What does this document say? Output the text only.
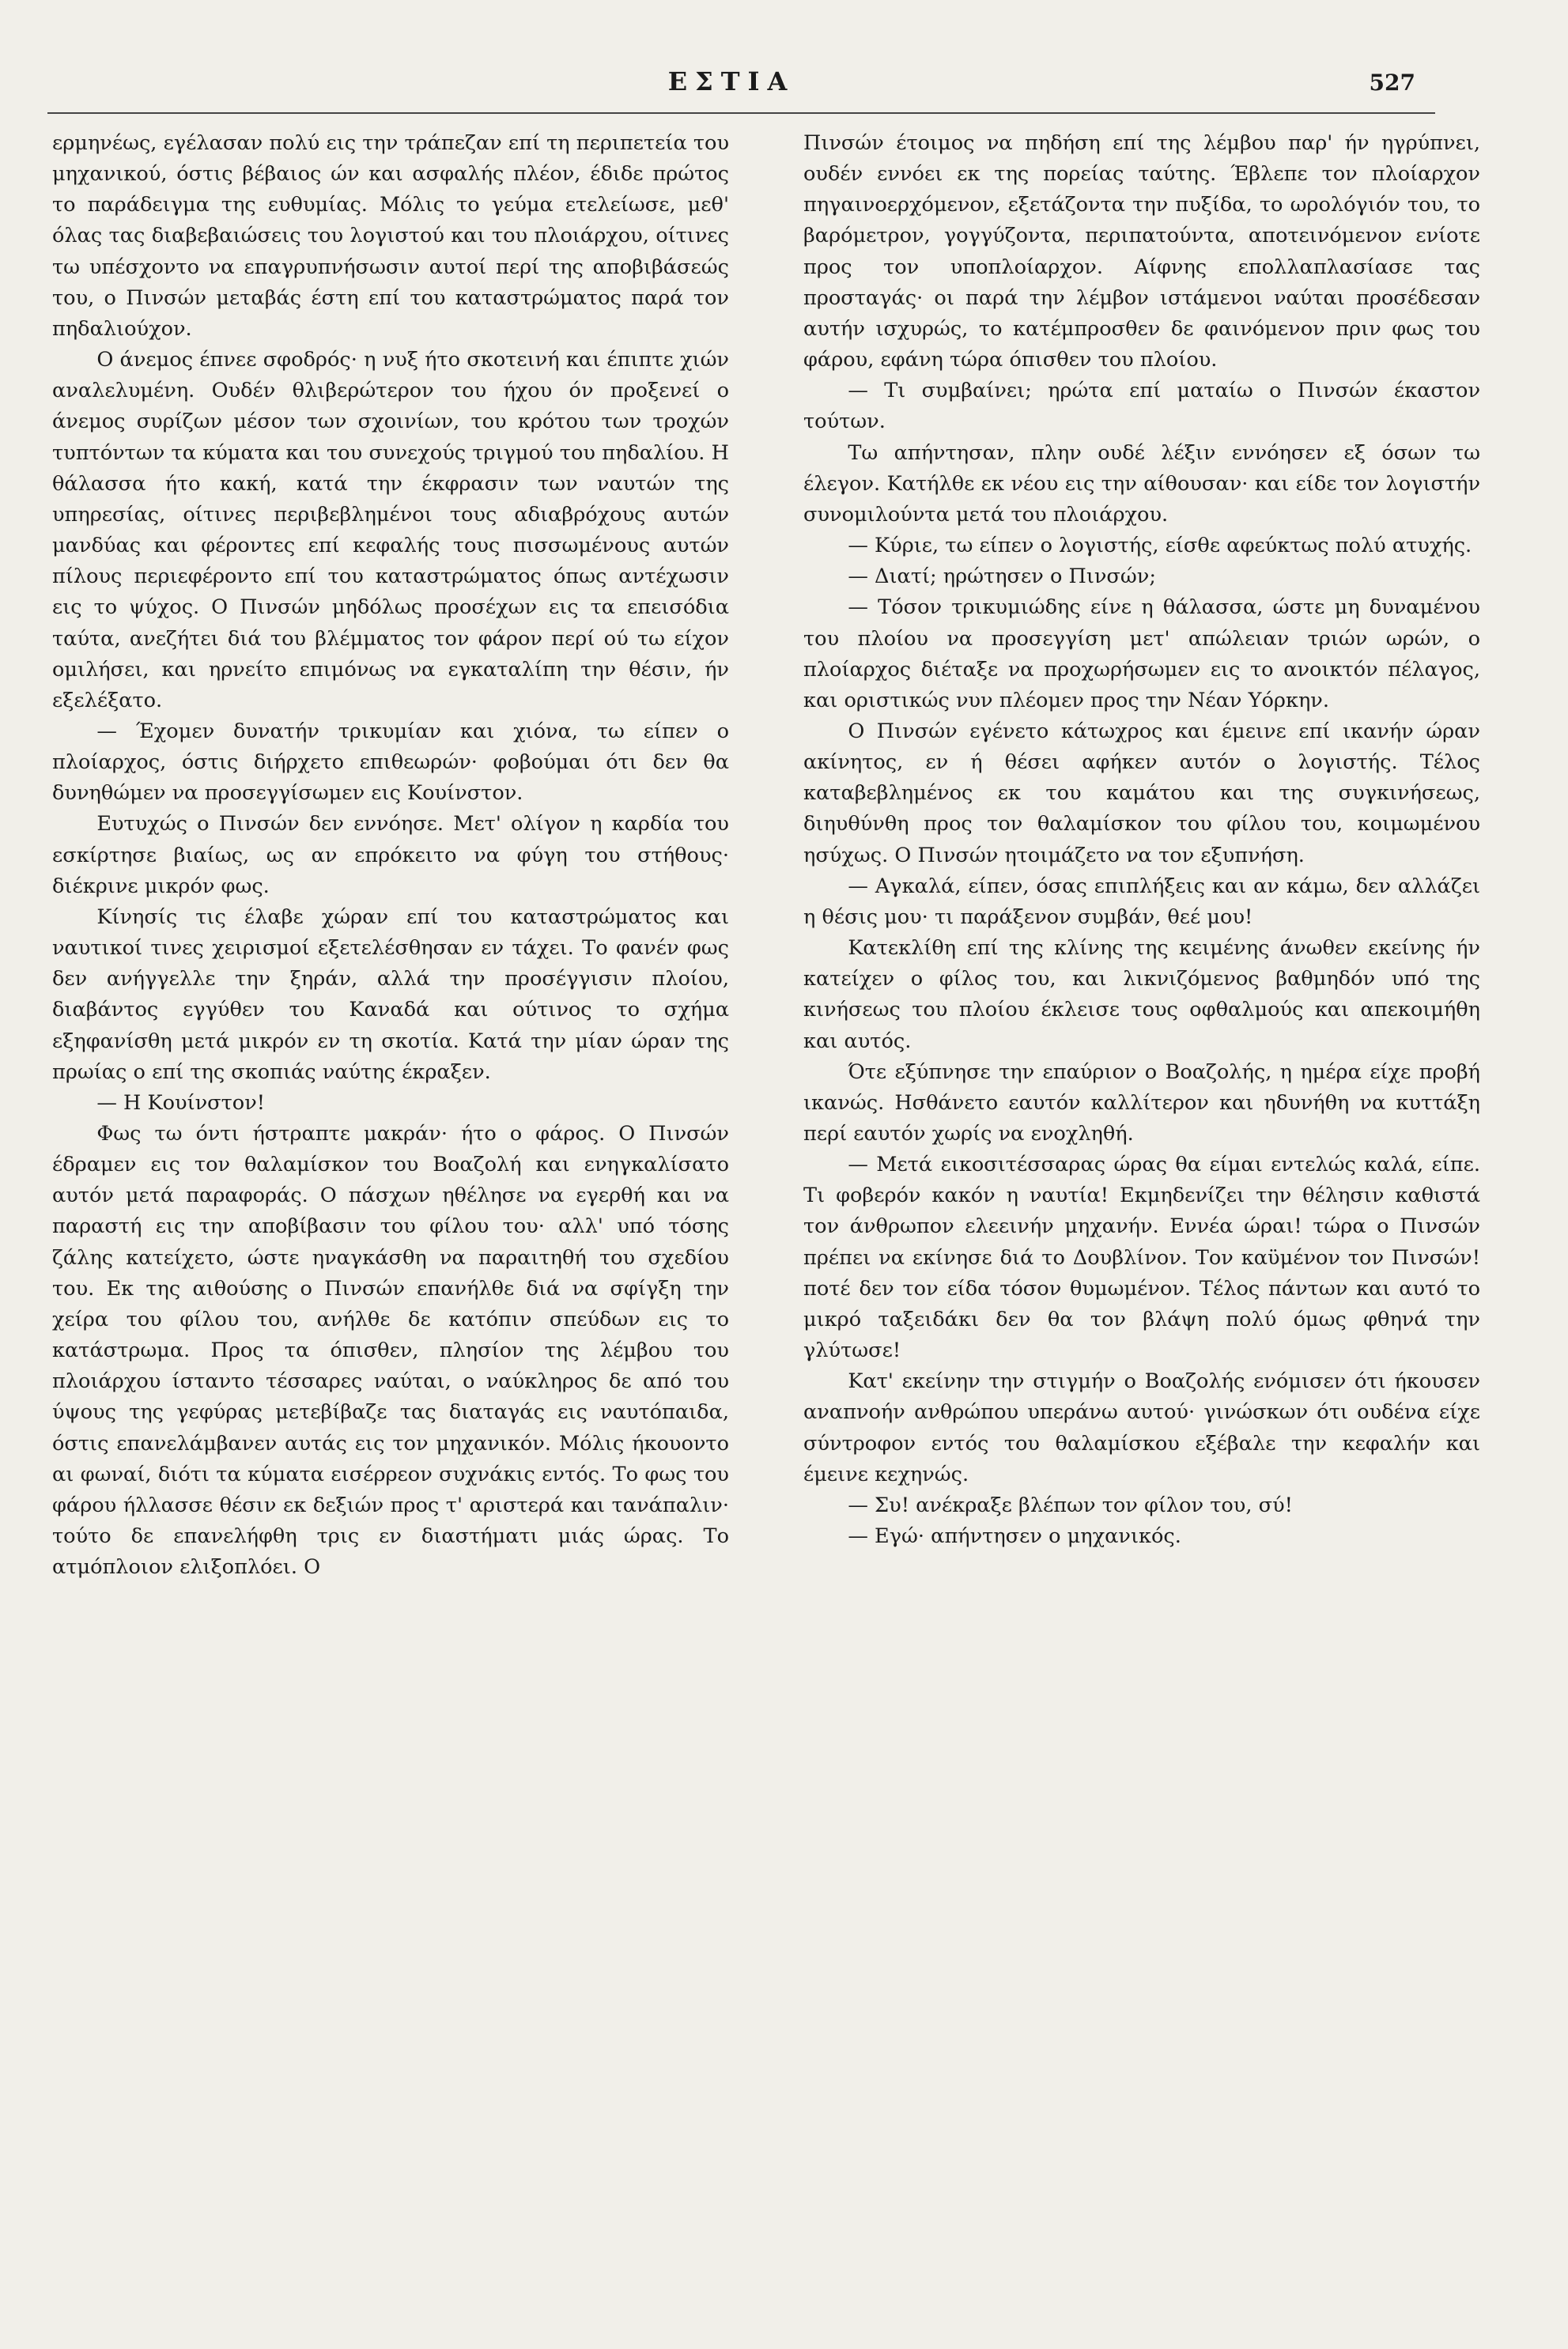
ΕΣΤΙΑ	527

ερμηνέως, εγέλασαν πολύ εις την τράπεζαν επί τη περιπετεία του μηχανικού, όστις βέβαιος ών και ασφαλής πλέον, έδιδε πρώτος το παράδειγμα της ευθυμίας. Μόλις το γεύμα ετελείωσε, μεθ' όλας τας διαβεβαιώσεις του λογιστού και του πλοιάρχου, οίτινες τω υπέσχοντο να επαγρυπνήσωσιν αυτοί περί της αποβιβάσεώς του, ο Πινσών μεταβάς έστη επί του καταστρώματος παρά τον πηδαλιούχον.

Ο άνεμος έπνεε σφοδρός· η νυξ ήτο σκοτεινή και έπιπτε χιών αναλελυμένη. Ουδέν θλιβερώτερον του ήχου όν προξενεί ο άνεμος συρίζων μέσον των σχοινίων, του κρότου των τροχών τυπτόντων τα κύματα και του συνεχούς τριγμού του πηδαλίου. Η θάλασσα ήτο κακή, κατά την έκφρασιν των ναυτών της υπηρεσίας, οίτινες περιβεβλημένοι τους αδιαβρόχους αυτών μανδύας και φέροντες επί κεφαλής τους πισσωμένους αυτών πίλους περιεφέροντο επί του καταστρώματος όπως αντέχωσιν εις το ψύχος. Ο Πινσών μηδόλως προσέχων εις τα επεισόδια ταύτα, ανεζήτει διά του βλέμματος τον φάρον περί ού τω είχον ομιλήσει, και ηρνείτο επιμόνως να εγκαταλίπη την θέσιν, ήν εξελέξατο.

— Έχομεν δυνατήν τρικυμίαν και χιόνα, τω είπεν ο πλοίαρχος, όστις διήρχετο επιθεωρών· φοβούμαι ότι δεν θα δυνηθώμεν να προσεγγίσωμεν εις Κουίνστον.

Ευτυχώς ο Πινσών δεν εννόησε. Μετ' ολίγον η καρδία του εσκίρτησε βιαίως, ως αν επρόκειτο να φύγη του στήθους· διέκρινε μικρόν φως.

Κίνησίς τις έλαβε χώραν επί του καταστρώματος και ναυτικοί τινες χειρισμοί εξετελέσθησαν εν τάχει. Το φανέν φως δεν ανήγγελλε την ξηράν, αλλά την προσέγγισιν πλοίου, διαβάντος εγγύθεν του Καναδά και ούτινος το σχήμα εξηφανίσθη μετά μικρόν εν τη σκοτία. Κατά την μίαν ώραν της πρωίας ο επί της σκοπιάς ναύτης έκραξεν.

— Η Κουίνστον!

Φως τω όντι ήστραπτε μακράν· ήτο ο φάρος. Ο Πινσών έδραμεν εις τον θαλαμίσκον του Βοαζολή και ενηγκαλίσατο αυτόν μετά παραφοράς. Ο πάσχων ηθέλησε να εγερθή και να παραστή εις την αποβίβασιν του φίλου του· αλλ' υπό τόσης ζάλης κατείχετο, ώστε ηναγκάσθη να παραιτηθή του σχεδίου του. Εκ της αιθούσης ο Πινσών επανήλθε διά να σφίγξη την χείρα του φίλου του, ανήλθε δε κατόπιν σπεύδων εις το κατάστρωμα. Προς τα όπισθεν, πλησίον της λέμβου του πλοιάρχου ίσταντο τέσσαρες ναύται, ο ναύκληρος δε από του ύψους της γεφύρας μετεβίβαζε τας διαταγάς εις ναυτόπαιδα, όστις επανελάμβανεν αυτάς εις τον μηχανικόν. Μόλις ήκουοντο αι φωναί, διότι τα κύματα εισέρρεον συχνάκις εντός. Το φως του φάρου ήλλασσε θέσιν εκ δεξιών προς τ' αριστερά και τανάπαλιν· τούτο δε επανελήφθη τρις εν διαστήματι μιάς ώρας. Το ατμόπλοιον ελιξοπλόει. Ο

Πινσών έτοιμος να πηδήση επί της λέμβου παρ' ήν ηγρύπνει, ουδέν εννόει εκ της πορείας ταύτης. Έβλεπε τον πλοίαρχον πηγαινοερχόμενον, εξετάζοντα την πυξίδα, το ωρολόγιόν του, το βαρόμετρον, γογγύζοντα, περιπατούντα, αποτεινόμενον ενίοτε προς τον υποπλοίαρχον. Αίφνης επολλαπλασίασε τας προσταγάς· οι παρά την λέμβον ιστάμενοι ναύται προσέδεσαν αυτήν ισχυρώς, το κατέμπροσθεν δε φαινόμενον πριν φως του φάρου, εφάνη τώρα όπισθεν του πλοίου.

— Τι συμβαίνει; ηρώτα επί ματαίω ο Πινσών έκαστον τούτων.

Τω απήντησαν, πλην ουδέ λέξιν εννόησεν εξ όσων τω έλεγον. Κατήλθε εκ νέου εις την αίθουσαν· και είδε τον λογιστήν συνομιλούντα μετά του πλοιάρχου.

— Κύριε, τω είπεν ο λογιστής, είσθε αφεύκτως πολύ ατυχής.

— Διατί; ηρώτησεν ο Πινσών;

— Τόσον τρικυμιώδης είνε η θάλασσα, ώστε μη δυναμένου του πλοίου να προσεγγίση μετ' απώλειαν τριών ωρών, ο πλοίαρχος διέταξε να προχωρήσωμεν εις το ανοικτόν πέλαγος, και οριστικώς νυν πλέομεν προς την Νέαν Υόρκην.

Ο Πινσών εγένετο κάτωχρος και έμεινε επί ικανήν ώραν ακίνητος, εν ή θέσει αφήκεν αυτόν ο λογιστής. Τέλος καταβεβλημένος εκ του καμάτου και της συγκινήσεως, διηυθύνθη προς τον θαλαμίσκον του φίλου του, κοιμωμένου ησύχως. Ο Πινσών ητοιμάζετο να τον εξυπνήση.

— Αγκαλά, είπεν, όσας επιπλήξεις και αν κάμω, δεν αλλάζει η θέσις μου· τι παράξενον συμβάν, θεέ μου!

Κατεκλίθη επί της κλίνης της κειμένης άνωθεν εκείνης ήν κατείχεν ο φίλος του, και λικνιζόμενος βαθμηδόν υπό της κινήσεως του πλοίου έκλεισε τους οφθαλμούς και απεκοιμήθη και αυτός.

Ότε εξύπνησε την επαύριον ο Βοαζολής, η ημέρα είχε προβή ικανώς. Ησθάνετο εαυτόν καλλίτερον και ηδυνήθη να κυττάξη περί εαυτόν χωρίς να ενοχληθή.

— Μετά εικοσιτέσσαρας ώρας θα είμαι εντελώς καλά, είπε. Τι φοβερόν κακόν η ναυτία! Εκμηδενίζει την θέλησιν καθιστά τον άνθρωπον ελεεινήν μηχανήν. Εννέα ώραι! τώρα ο Πινσών πρέπει να εκίνησε διά το Δουβλίνον. Τον καϋμένον τον Πινσών! ποτέ δεν τον είδα τόσον θυμωμένον. Τέλος πάντων και αυτό το μικρό ταξειδάκι δεν θα τον βλάψη πολύ όμως φθηνά την γλύτωσε!

Κατ' εκείνην την στιγμήν ο Βοαζολής ενόμισεν ότι ήκουσεν αναπνοήν ανθρώπου υπεράνω αυτού· γινώσκων ότι ουδένα είχε σύντροφον εντός του θαλαμίσκου εξέβαλε την κεφαλήν και έμεινε κεχηνώς.

— Συ! ανέκραξε βλέπων τον φίλον του, σύ!

— Εγώ· απήντησεν ο μηχανικός.
